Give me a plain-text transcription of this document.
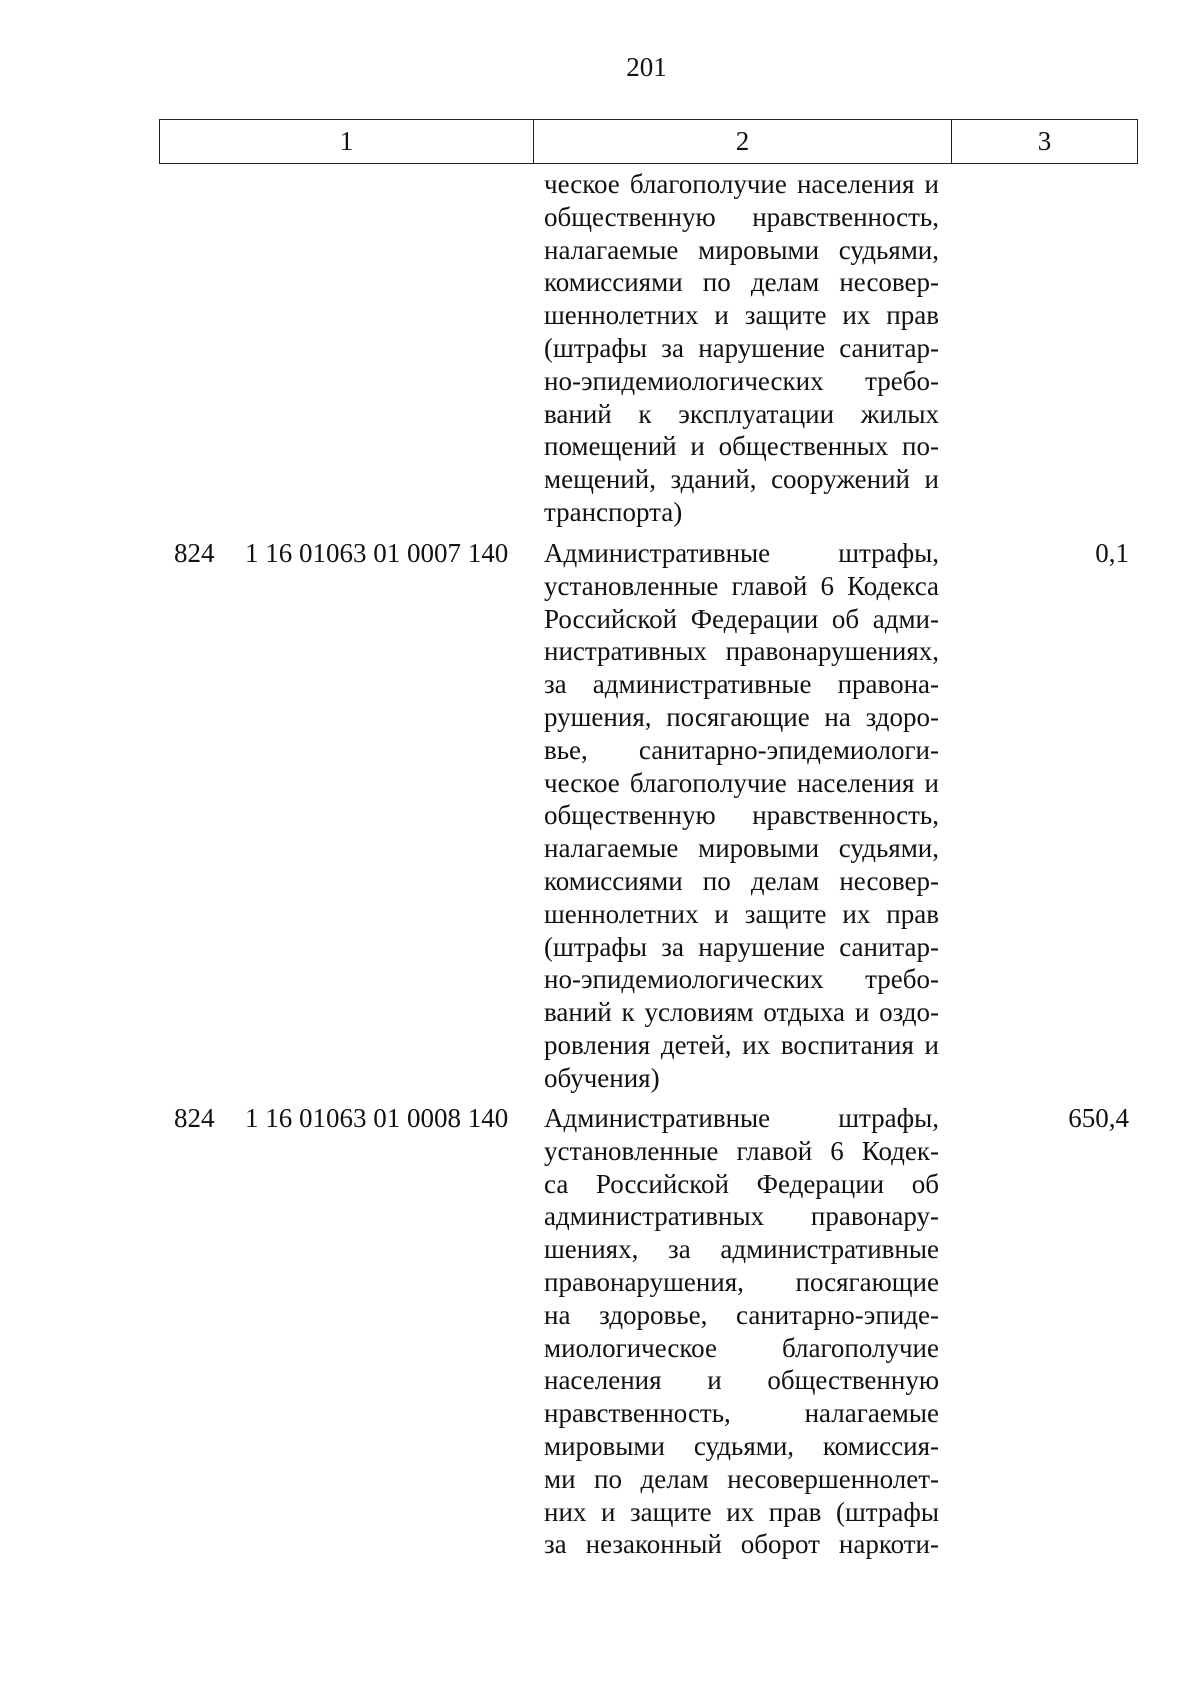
201
1	2	3
ческое благополучие населения и
общественную нравственность,
налагаемые мировыми судьями,
комиссиями по делам несовер-
шеннолетних и защите их прав
(штрафы за нарушение санитар-
но-эпидемиологических требо-
ваний к эксплуатации жилых
помещений и общественных по-
мещений, зданий, сооружений и
транспорта)
824 1 16 01063 01 0007 140 Административные штрафы,
установленные главой 6 Кодекса
Российской Федерации об адми-
нистративных правонарушениях,
за административные правона-
рушения, посягающие на здоро-
вье, санитарно-эпидемиологи-
ческое благополучие населения и
общественную нравственность,
налагаемые мировыми судьями,
комиссиями по делам несовер-
шеннолетних и защите их прав
(штрафы за нарушение санитар-
но-эпидемиологических требо-
ваний к условиям отдыха и оздо-
ровления детей, их воспитания и
обучения)
0,1
824 1 16 01063 01 0008 140 Административные штрафы,
установленные главой 6 Кодек-
са Российской Федерации об
административных правонару-
шениях, за административные
правонарушения, посягающие
на здоровье, санитарно-эпиде-
миологическое благополучие
населения и общественную
нравственность, налагаемые
мировыми судьями, комиссия-
ми по делам несовершеннолет-
них и защите их прав (штрафы
за незаконный оборот наркоти-
650,4
